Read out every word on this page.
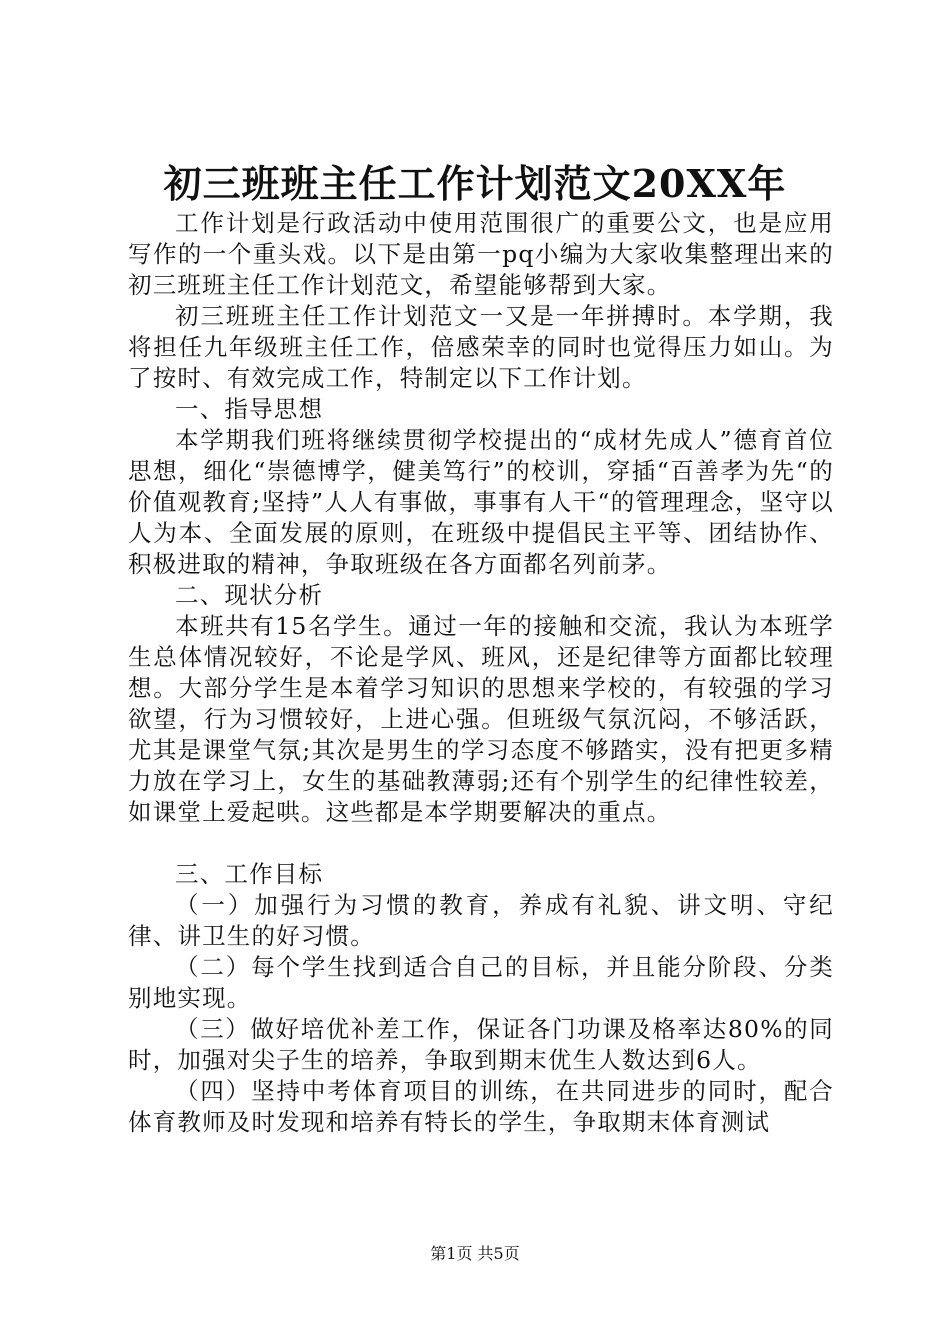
初三班班主任工作计划范文20XX年

工作计划是行政活动中使用范围很广的重要公文，也是应用写作的一个重头戏。以下是由第一pq小编为大家收集整理出来的初三班班主任工作计划范文，希望能够帮到大家。

初三班班主任工作计划范文一又是一年拼搏时。本学期，我将担任九年级班主任工作，倍感荣幸的同时也觉得压力如山。为了按时、有效完成工作，特制定以下工作计划。

一、指导思想

本学期我们班将继续贯彻学校提出的“成材先成人”德育首位思想，细化“崇德博学，健美笃行”的校训，穿插“百善孝为先“的价值观教育;坚持”人人有事做，事事有人干“的管理理念，坚守以人为本、全面发展的原则，在班级中提倡民主平等、团结协作、积极进取的精神，争取班级在各方面都名列前茅。

二、现状分析

本班共有15名学生。通过一年的接触和交流，我认为本班学生总体情况较好，不论是学风、班风，还是纪律等方面都比较理想。大部分学生是本着学习知识的思想来学校的，有较强的学习欲望，行为习惯较好，上进心强。但班级气氛沉闷，不够活跃，尤其是课堂气氛;其次是男生的学习态度不够踏实，没有把更多精力放在学习上，女生的基础教薄弱;还有个别学生的纪律性较差，如课堂上爱起哄。这些都是本学期要解决的重点。

三、工作目标

（一）加强行为习惯的教育，养成有礼貌、讲文明、守纪律、讲卫生的好习惯。

（二）每个学生找到适合自己的目标，并且能分阶段、分类别地实现。

（三）做好培优补差工作，保证各门功课及格率达80%的同时，加强对尖子生的培养，争取到期末优生人数达到6人。

（四）坚持中考体育项目的训练，在共同进步的同时，配合体育教师及时发现和培养有特长的学生，争取期末体育测试

第1页 共5页
